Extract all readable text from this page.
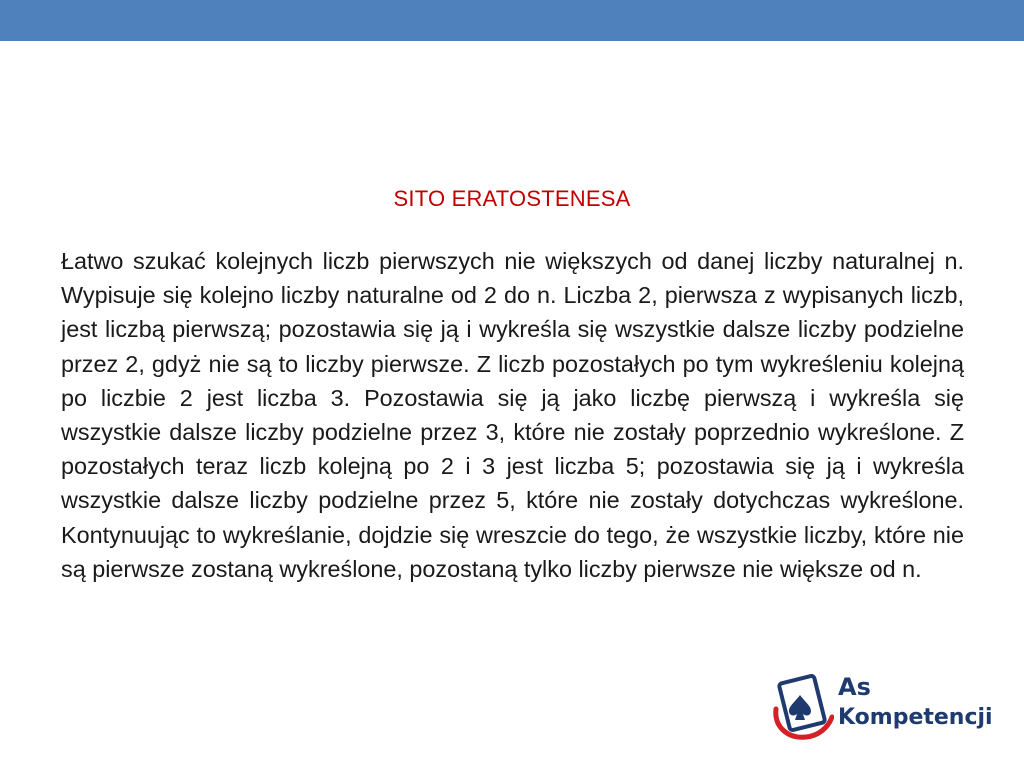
SITO ERATOSTENESA

Łatwo szukać kolejnych liczb pierwszych nie większych od danej liczby naturalnej n. Wypisuje się kolejno liczby naturalne od 2 do n. Liczba 2, pierwsza z wypisanych liczb, jest liczbą pierwszą; pozostawia się ją i wykreśla się wszystkie dalsze liczby podzielne przez 2, gdyż nie są to liczby pierwsze. Z liczb pozostałych po tym wykreśleniu kolejną po liczbie 2 jest liczba 3. Pozostawia się ją jako liczbę pierwszą i wykreśla się wszystkie dalsze liczby podzielne przez 3, które nie zostały poprzednio wykreślone. Z pozostałych teraz liczb kolejną po 2 i 3 jest liczba 5; pozostawia się ją i wykreśla wszystkie dalsze liczby podzielne przez 5, które nie zostały dotychcza​s wykreślone. Kontynuując to wykreślanie, dojdzie się wreszcie do tego, że wszystkie liczby, które nie są pierwsze zostaną wykreślone, pozostaną tylko liczby pierwsze nie większe od n.

As
Kompetencji
